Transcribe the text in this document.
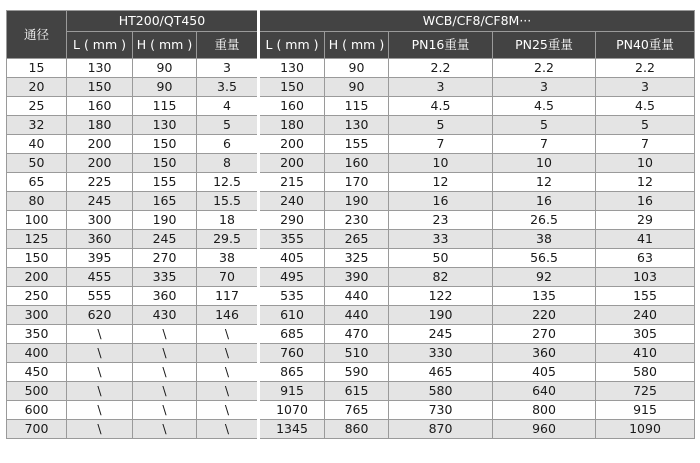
通径	HT200/QT450			WCB/CF8/CF8M···				
	L ( mm )	H ( mm )	重量	L ( mm )	H ( mm )	PN16重量	PN25重量	PN40重量
15	130	90	3	130	90	2.2	2.2	2.2
20	150	90	3.5	150	90	3	3	3
25	160	115	4	160	115	4.5	4.5	4.5
32	180	130	5	180	130	5	5	5
40	200	150	6	200	155	7	7	7
50	200	150	8	200	160	10	10	10
65	225	155	12.5	215	170	12	12	12
80	245	165	15.5	240	190	16	16	16
100	300	190	18	290	230	23	26.5	29
125	360	245	29.5	355	265	33	38	41
150	395	270	38	405	325	50	56.5	63
200	455	335	70	495	390	82	92	103
250	555	360	117	535	440	122	135	155
300	620	430	146	610	440	190	220	240
350	\	\	\	685	470	245	270	305
400	\	\	\	760	510	330	360	410
450	\	\	\	865	590	465	405	580
500	\	\	\	915	615	580	640	725
600	\	\	\	1070	765	730	800	915
700	\	\	\	1345	860	870	960	1090
